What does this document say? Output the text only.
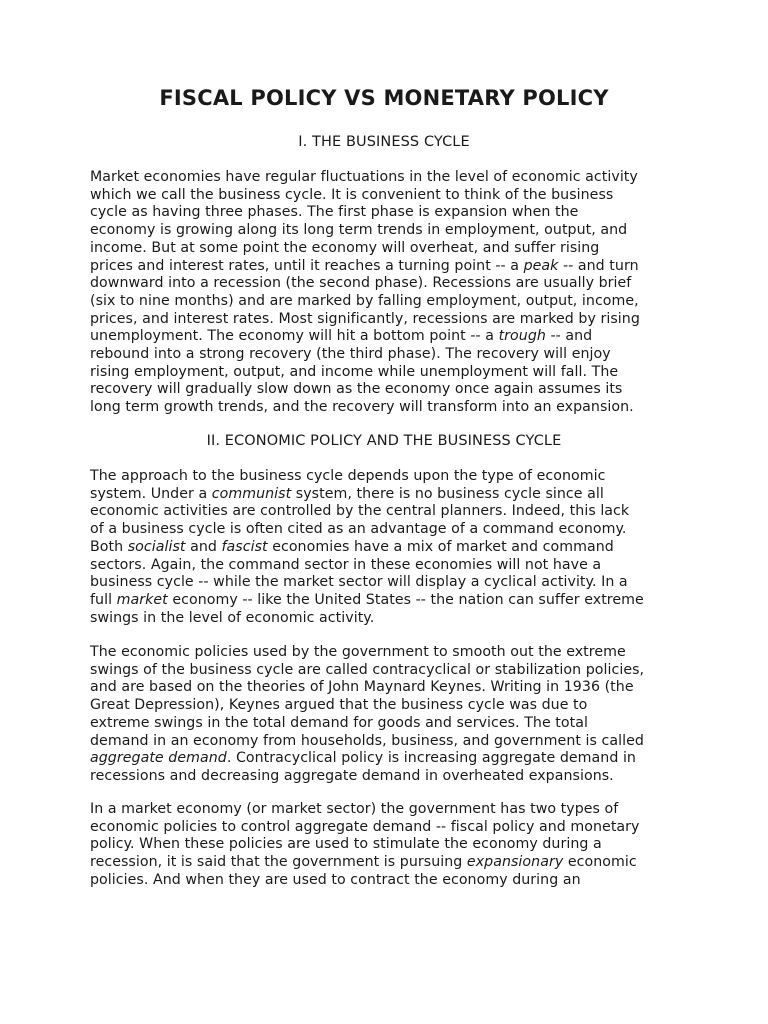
FISCAL POLICY VS MONETARY POLICY
I. THE BUSINESS CYCLE
Market economies have regular fluctuations in the level of economic activity
which we call the business cycle. It is convenient to think of the business
cycle as having three phases. The first phase is expansion when the
economy is growing along its long term trends in employment, output, and
income. But at some point the economy will overheat, and suffer rising
prices and interest rates, until it reaches a turning point -- a peak -- and turn
downward into a recession (the second phase). Recessions are usually brief
(six to nine months) and are marked by falling employment, output, income,
prices, and interest rates. Most significantly, recessions are marked by rising
unemployment. The economy will hit a bottom point -- a trough -- and
rebound into a strong recovery (the third phase). The recovery will enjoy
rising employment, output, and income while unemployment will fall. The
recovery will gradually slow down as the economy once again assumes its
long term growth trends, and the recovery will transform into an expansion.
II. ECONOMIC POLICY AND THE BUSINESS CYCLE
The approach to the business cycle depends upon the type of economic
system. Under a communist system, there is no business cycle since all
economic activities are controlled by the central planners. Indeed, this lack
of a business cycle is often cited as an advantage of a command economy.
Both socialist and fascist economies have a mix of market and command
sectors. Again, the command sector in these economies will not have a
business cycle -- while the market sector will display a cyclical activity. In a
full market economy -- like the United States -- the nation can suffer extreme
swings in the level of economic activity.
The economic policies used by the government to smooth out the extreme
swings of the business cycle are called contracyclical or stabilization policies,
and are based on the theories of John Maynard Keynes. Writing in 1936 (the
Great Depression), Keynes argued that the business cycle was due to
extreme swings in the total demand for goods and services. The total
demand in an economy from households, business, and government is called
aggregate demand. Contracyclical policy is increasing aggregate demand in
recessions and decreasing aggregate demand in overheated expansions.
In a market economy (or market sector) the government has two types of
economic policies to control aggregate demand -- fiscal policy and monetary
policy. When these policies are used to stimulate the economy during a
recession, it is said that the government is pursuing expansionary economic
policies. And when they are used to contract the economy during an
